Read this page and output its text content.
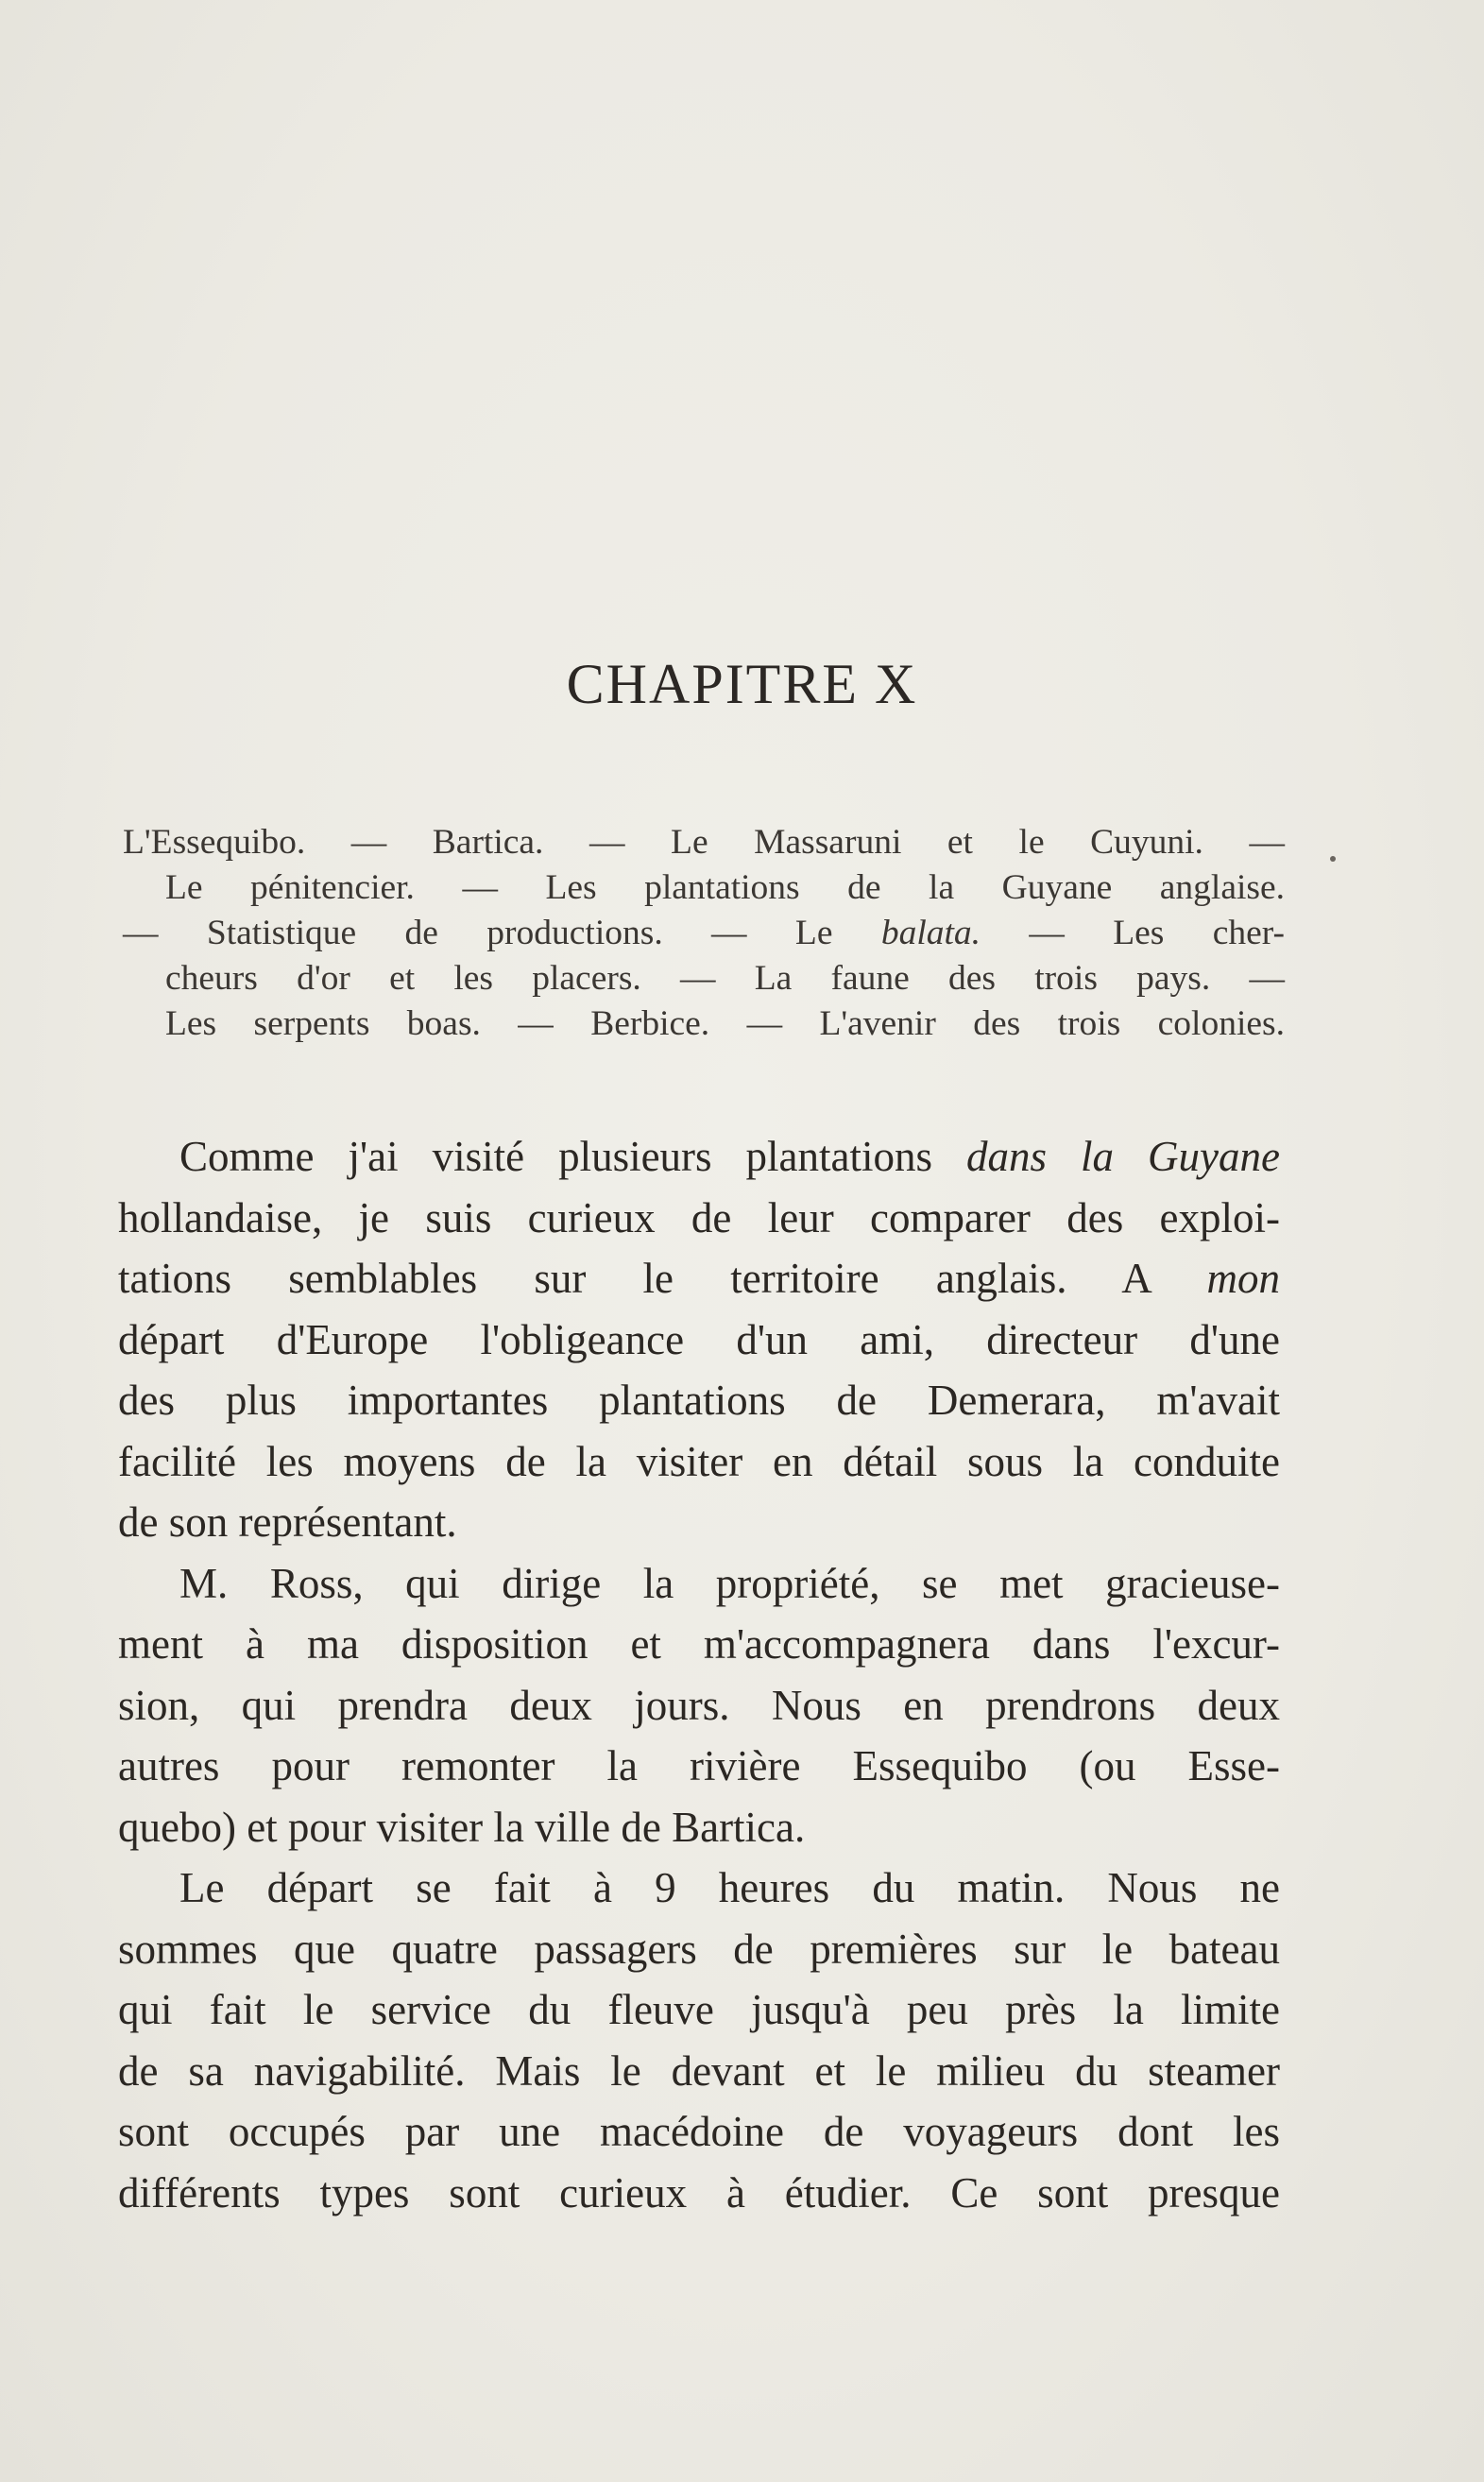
CHAPITRE X
L'Essequibo. — Bartica. — Le Massaruni et le Cuyuni. —
Le pénitencier. — Les plantations de la Guyane anglaise.
— Statistique de productions. — Le balata. — Les cher-
cheurs d'or et les placers. — La faune des trois pays. —
Les serpents boas. — Berbice. — L'avenir des trois colonies.
Comme j'ai visité plusieurs plantations dans la Guyane
hollandaise, je suis curieux de leur comparer des exploi-
tations semblables sur le territoire anglais. A mon
départ d'Europe l'obligeance d'un ami, directeur d'une
des plus importantes plantations de Demerara, m'avait
facilité les moyens de la visiter en détail sous la conduite
de son représentant.
M. Ross, qui dirige la propriété, se met gracieuse-
ment à ma disposition et m'accompagnera dans l'excur-
sion, qui prendra deux jours. Nous en prendrons deux
autres pour remonter la rivière Essequibo (ou Esse-
quebo) et pour visiter la ville de Bartica.
Le départ se fait à 9 heures du matin. Nous ne
sommes que quatre passagers de premières sur le bateau
qui fait le service du fleuve jusqu'à peu près la limite
de sa navigabilité. Mais le devant et le milieu du steamer
sont occupés par une macédoine de voyageurs dont les
différents types sont curieux à étudier. Ce sont presque
